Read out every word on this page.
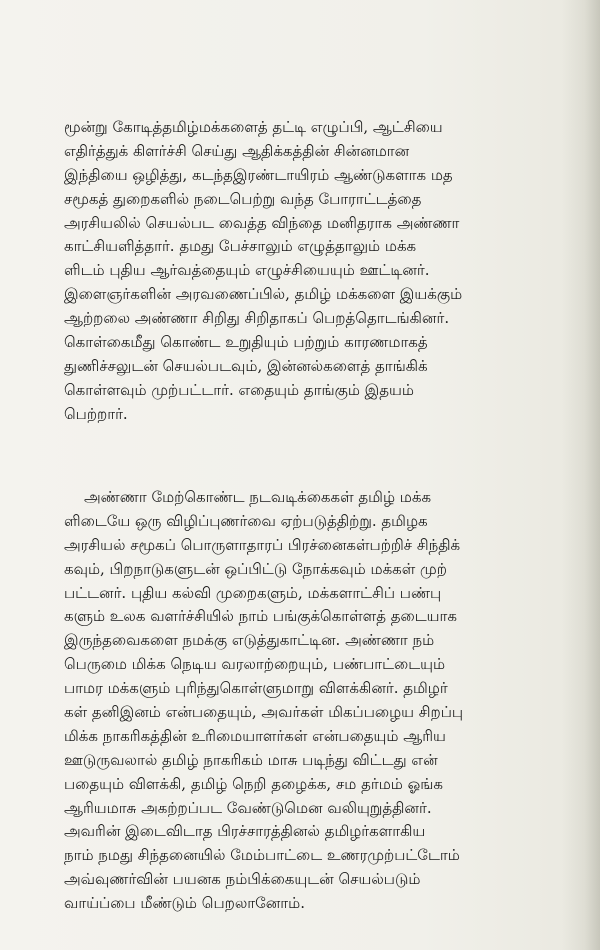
மூன்று கோடித்தமிழ்மக்களைத் தட்டி எழுப்பி, ஆட்சியை
எதிர்த்துக் கிளர்ச்சி செய்து ஆதிக்கத்தின் சின்னமான
இந்தியை ஒழித்து, கடந்தஇரண்டாயிரம் ஆண்டுகளாக மத
சமூகத் துறைகளில் நடைபெற்று வந்த போராட்டத்தை
அரசியலில் செயல்பட வைத்த விந்தை மனிதராக அண்ணா
காட்சியளித்தார். தமது பேச்சாலும் எழுத்தாலும் மக்க
ளிடம் புதிய ஆர்வத்தையும் எழுச்சியையும் ஊட்டினர்.
இளைஞர்களின் அரவணைப்பில், தமிழ் மக்களை இயக்கும்
ஆற்றலை அண்ணா சிறிது சிறிதாகப் பெறத்தொடங்கினர்.
கொள்கைமீது கொண்ட உறுதியும் பற்றும் காரணமாகத்
துணிச்சலுடன் செயல்படவும், இன்னல்களைத் தாங்கிக்
கொள்ளவும் முற்பட்டார். எதையும் தாங்கும் இதயம்
பெற்றார்.
அண்ணா மேற்கொண்ட நடவடிக்கைகள் தமிழ் மக்க
ளிடையே ஒரு விழிப்புணர்வை ஏற்படுத்திற்று. தமிழக
அரசியல் சமூகப் பொருளாதாரப் பிரச்னைகள்பற்றிச் சிந்திக்
கவும், பிறநாடுகளுடன் ஒப்பிட்டு நோக்கவும் மக்கள் முற்
பட்டனர். புதிய கல்வி முறைகளும், மக்களாட்சிப் பண்பு
களும் உலக வளர்ச்சியில் நாம் பங்குக்கொள்ளத் தடையாக
இருந்தவைகளை நமக்கு எடுத்துகாட்டின. அண்ணா நம்
பெருமை மிக்க நெடிய வரலாற்றையும், பண்பாட்டையும்
பாமர மக்களும் புரிந்துகொள்ளுமாறு விளக்கினர். தமிழர்
கள் தனிஇனம் என்பதையும், அவர்கள் மிகப்பழைய சிறப்பு
மிக்க நாகரிகத்தின் உரிமையாளர்கள் என்பதையும் ஆரிய
ஊடுருவலால் தமிழ் நாகரிகம் மாசு படிந்து விட்டது என்
பதையும் விளக்கி, தமிழ் நெறி தழைக்க, சம தர்மம் ஓங்க
ஆரியமாசு அகற்றப்பட வேண்டுமென வலியுறுத்தினர்.
அவரின் இடைவிடாத பிரச்சாரத்தினல் தமிழர்களாகிய
நாம் நமது சிந்தனையில் மேம்பாட்டை உணரமுற்பட்டோம்
அவ்வுணர்வின் பயனக நம்பிக்கையுடன் செயல்படும்
வாய்ப்பை மீண்டும் பெறலானோம்.
